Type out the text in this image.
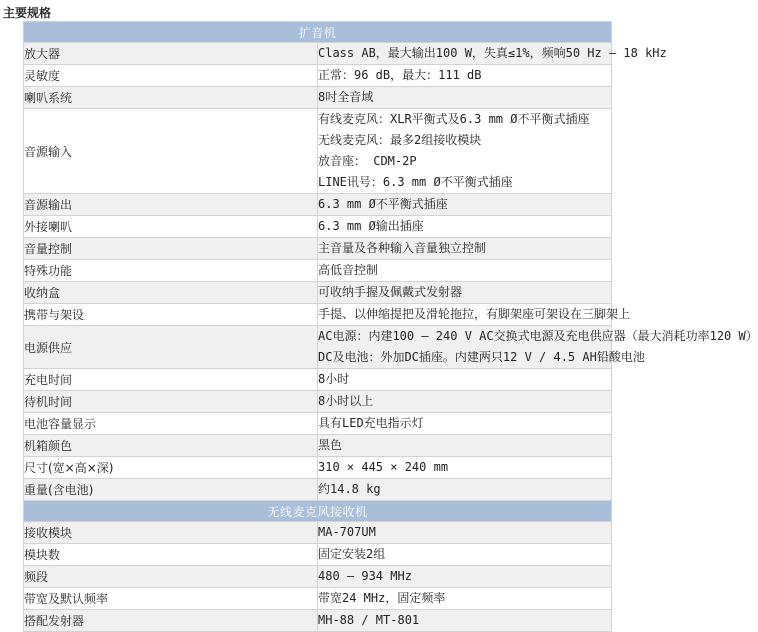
主要规格
扩音机	
放大器	Class AB，最大输出100 W，失真≤1%，频响50 Hz – 18 kHz

灵敏度	正常：96 dB，最大：111 dB

喇叭系统	8吋全音域

音源输入	有线麦克风：XLR平衡式及6.3 mm Ø不平衡式插座
无线麦克风：最多2组接收模块
放音座： CDM-2P
LINE讯号：6.3 mm Ø不平衡式插座

音源输出	6.3 mm Ø不平衡式插座

外接喇叭	6.3 mm Ø输出插座

音量控制	主音量及各种输入音量独立控制

特殊功能	高低音控制

收纳盒	可收纳手握及佩戴式发射器

携带与架设	手提、以伸缩提把及滑轮拖拉，有脚架座可架设在三脚架上

电源供应	AC电源：内建100 – 240 V AC交换式电源及充电供应器（最大消耗功率120 W）
DC及电池：外加DC插座。内建两只12 V / 4.5 AH铅酸电池

充电时间	8小时

待机时间	8小时以上

电池容量显示	具有LED充电指示灯

机箱颜色	黑色

尺寸(宽×高×深)	310 × 445 × 240 mm

重量(含电池)	约14.8 kg

无线麦克风接收机	
接收模块	MA-707UM

模块数	固定安装2组

频段	480 – 934 MHz

带宽及默认频率	带宽24 MHz，固定频率

搭配发射器	MH-88 / MT-801
